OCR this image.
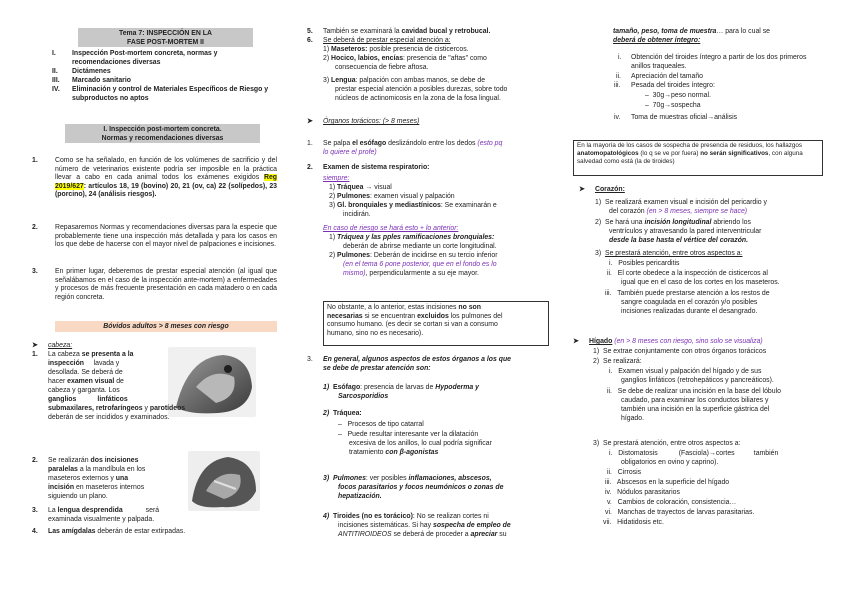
Tema 7: INSPECCIÓN EN LA
FASE POST-MORTEM II
I. Inspección Post-mortem concreta, normas y recomendaciones diversas
II. Dictámenes
III. Marcado sanitario
IV. Eliminación y control de Materiales Específicos de Riesgo y subproductos no aptos
I. Inspección post-mortem concreta.
Normas y recomendaciones diversas
1.	Como se ha señalado, en función de los volúmenes de sacrificio y del número de veterinarios existente podría ser imposible en la práctica llevar a cabo en cada animal todos los exámenes exigidos Reg 2019/627: artículos 18, 19 (bovino) 20, 21 (ov, ca) 22 (solípedos), 23 (porcino), 24 (análisis riesgos).
2.	Repasaremos Normas y recomendaciones diversas para la especie que probablemente tiene una inspección más detallada y para los casos en los que debe de hacerse con el mayor nivel de palpaciones e incisiones.
3.	En primer lugar, deberemos de prestar especial atención (al igual que señalábamos en el caso de la inspección ante-mortem) a enfermedades y procesos de más frecuente presentación en cada matadero o en cada región concreta.
Bóvidos adultos > 8 meses con riesgo
➤ cabeza:
1. La cabeza se presenta a la
inspección lavada y
desollada. Se deberá de
hacer examen visual de
cabeza y garganta. Los
ganglios	linfáticos
submaxilares, retrofaríngeos y parotídeos
deberán de ser incididos y examinados.
2. Se realizarán dos incisiones
paralelas a la mandíbula en los
maseteros externos y una
incisión en maseteros internos
siguiendo un plano.
3. La lengua desprendida	será
examinada visualmente y palpada.
4. Las amígdalas deberán de estar extirpadas.
5. También se examinará la cavidad bucal y retrobucal.
6. Se deberá de prestar especial atención a:
1) Maseteros: posible presencia de cisticercos.
2) Hocico, labios, encías: presencia de "aftas" como
consecuencia de fiebre aftosa.
3) Lengua: palpación con ambas manos, se debe de
prestar especial atención a posibles durezas, sobre todo
núcleos de actinomicosis en la zona de la fosa lingual.
➤ Órganos torácicos: (> 8 meses)
1. Se palpa el esófago deslizándolo entre los dedos (esto pq
lo quiere el profe)
2. Examen de sistema respiratorio:
siempre:
1) Tráquea → visual
2) Pulmones: examen visual y palpación
3) Gl. bronquiales y mediastínicos: Se examinarán e
incidirán.
En caso de riesgo se hará esto + lo anterior:
1) Tráquea y las pples ramificaciones bronquiales:
deberán de abrirse mediante un corte longitudinal.
2) Pulmones: Deberán de incidirse en su tercio inferior
(en el tema 6 pone posterior, que en el fondo es lo
mismo), perpendicularmente a su eje mayor.
No obstante, a lo anterior, estas incisiones no son
necesarias si se encuentran excluidos los pulmones del
consumo humano. (es decir se cortan si van a consumo
humano, sino no es necesario).
3. En general, algunos aspectos de estos órganos a los que
se debe de prestar atención son:
1) Esófago: presencia de larvas de Hypoderma y
Sarcosporidios
2) Tráquea:
–   Procesos de tipo catarral
–   Puede resultar interesante ver la dilatación
excesiva de los anillos, lo cual podría significar
tratamiento con β-agonistas
3) Pulmones: ver posibles inflamaciones, abscesos,
focos parasitarios y focos neumónicos o zonas de
hepatización.
4) Tiroides (no es torácico): No se realizan cortes ni
incisiones sistemáticas. Si hay sospecha de empleo de
ANTITIROIDEOS se deberá de proceder a apreciar su
tamaño, peso, toma de muestra… para lo cual se
deberá de obtener íntegro:
i. Obtención del tiroides íntegro a partir de los dos primeros anillos traqueales.
ii. Apreciación del tamaño
iii. Pesada del tiroides íntegro:
–  30g→peso normal.
–  70g→sospecha
iv. Toma de muestras oficial→análisis
En la mayoría de los casos de sospecha de presencia de residuos, los hallazgos anatomopatológicos (lo q se ve por fuera) no serán significativos, con alguna salvedad como está (la de tiroides)
➤ Corazón:
1)  Se realizará examen visual e incisión del pericardio y
del corazón (en > 8 meses, siempre se hace)
2)  Se hará una incisión longitudinal abriendo los
ventrículos y atravesando la pared interventricular
desde la base hasta el vértice del corazón.
3)  Se prestará atención, entre otros aspectos a:
i.   Posibles pericarditis
ii.   El corte obedece a la inspección de cisticercos al
igual que en el caso de los cortes en los maseteros.
iii.   También puede prestarse atención a los restos de
sangre coagulada en el corazón y/o posibles
incisiones realizadas durante el desangrado.
➤ Hígado (en > 8 meses con riesgo, sino solo se visualiza)
1)  Se extrae conjuntamente con otros órganos torácicos
2)  Se realizará:
i.   Examen visual y palpación del hígado y de sus
ganglios linfáticos (retrohepáticos y pancreáticos).
ii.   Se debe de realizar una incisión en la base del lóbulo
caudado, para examinar los conductos biliares y
también una incisión en la superficie gástrica del
hígado.
3)  Se prestará atención, entre otros aspectos a:
i.   Distomatosis	(Fasciola)→cortes	también
obligatorios en ovino y caprino).
ii.   Cirrosis
iii.   Abscesos en la superficie del hígado
iv.   Nódulos parasitarios
v.   Cambios de coloración, consistencia…
vi.   Manchas de trayectos de larvas parasitarias.
vii.   Hidatidosis etc.
